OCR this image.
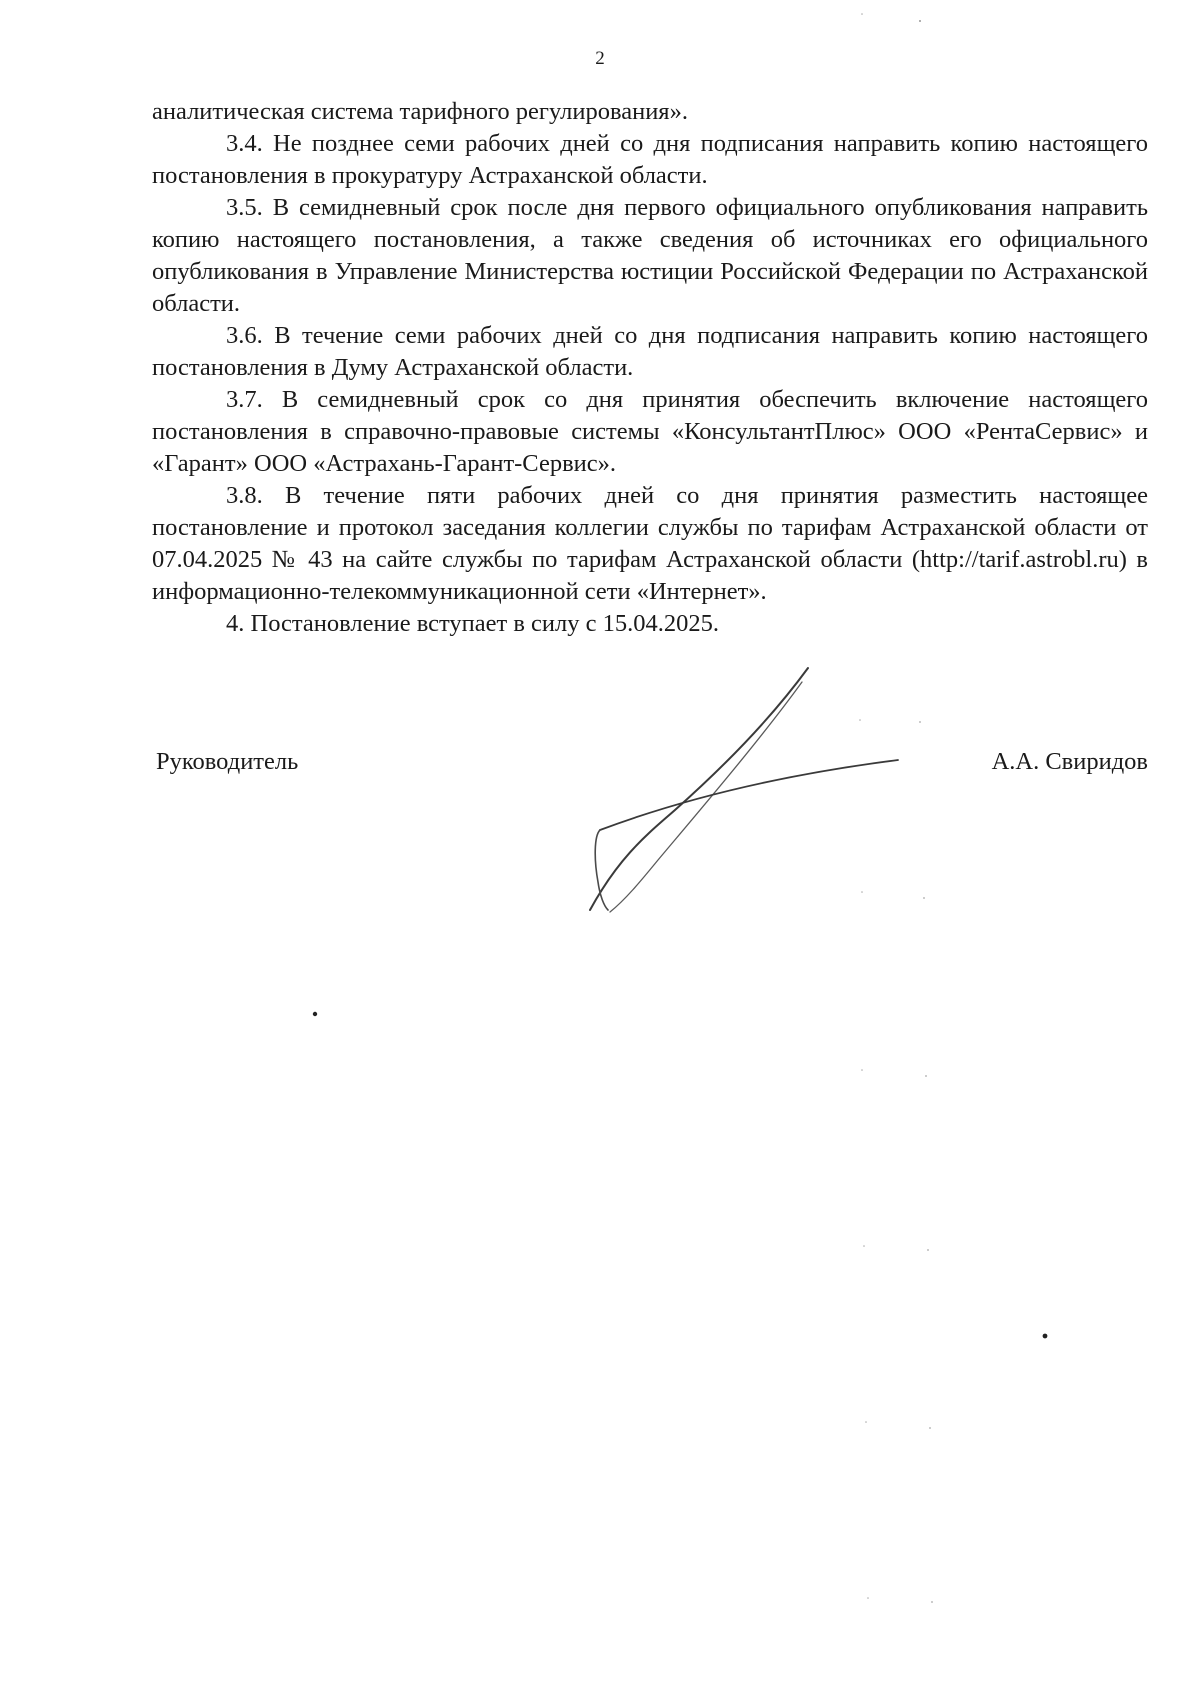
2

аналитическая система тарифного регулирования».

3.4. Не позднее семи рабочих дней со дня подписания направить копию настоящего постановления в прокуратуру Астраханской области.

3.5. В семидневный срок после дня первого официального опубликования направить копию настоящего постановления, а также сведения об источниках его официального опубликования в Управление Министерства юстиции Российской Федерации по Астраханской области.

3.6. В течение семи рабочих дней со дня подписания направить копию настоящего постановления в Думу Астраханской области.

3.7. В семидневный срок со дня принятия обеспечить включение настоящего постановления в справочно-правовые системы «КонсультантПлюс» ООО «РентаСервис» и «Гарант» ООО «Астрахань-Гарант-Сервис».

3.8. В течение пяти рабочих дней со дня принятия разместить настоящее постановление и протокол заседания коллегии службы по тарифам Астраханской области от 07.04.2025 № 43 на сайте службы по тарифам Астраханской области (http://tarif.astrobl.ru) в информационно-телекоммуникационной сети «Интернет».

4. Постановление вступает в силу с 15.04.2025.

Руководитель	А.А. Свиридов
